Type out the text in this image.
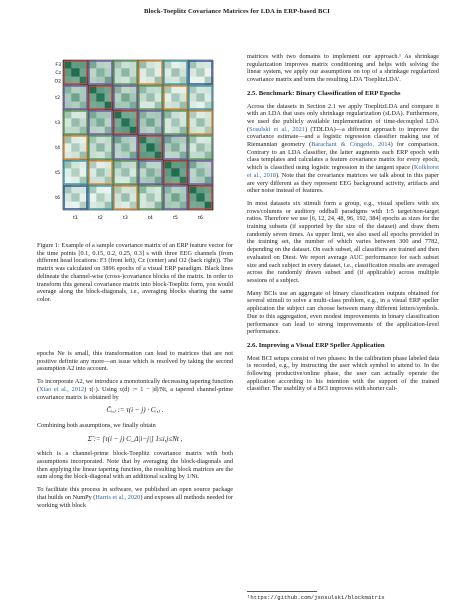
Block-Toeplitz Covariance Matrices for LDA in ERP-based BCI
F3
Cz
O2
t1
t2
t2
t3
t3
t4
t4
t5
t5
t6
t6

Figure 1: Example of a sample covariance matrix of an ERP feature vector for the time points [0.1, 0.15, 0.2, 0.25, 0.3] s with three EEG channels (from different head locations: F3 (front left), Cz (center) and O2 (back right)). The matrix was calculated on 3896 epochs of a visual ERP paradigm. Black lines delineate the channel-wise (cross-)covariance blocks of the matrix. In order to transform this general covariance matrix into block-Toeplitz form, you would average along the block-diagonals, i.e., averaging blocks sharing the same color.

epochs Ne is small, this transformation can lead to matrices that are not positive definite any more—an issue which is resolved by taking the second assumption A2 into account.

To incorporate A2, we introduce a monotonically decreasing tapering function (Xiao et al., 2012) τ(·). Using τ(d) := 1 − |d|/Nt, a tapered channel-prime covariance matrix is obtained by

C̃ᵢ,ⱼ := τ(i − j) · Cᵢ,ⱼ .

Combining both assumptions, we finally obtain

Σ̂ := [τ(i − j) C_Δ|i−j|] 1≤i,j≤Nt ,

which is a channel-prime block-Toeplitz covariance matrix with both assumptions incorporated. Note that by averaging the block-diagonals and then applying the linear tapering function, the resulting block matrices are the sum along the block-diagonal with an additional scaling by 1/Nt.

To facilitate this process in software, we published an open source package that builds on NumPy (Harris et al., 2020) and exposes all methods needed for working with block

matrices with two domains to implement our approach.¹ As shrinkage regularization improves matrix conditioning and helps with solving the linear system, we apply our assumptions on top of a shrinkage regularized covariance matrix and term the resulting LDA 'ToeplitzLDA'.

2.5. Benchmark: Binary Classification of ERP Epochs

Across the datasets in Section 2.1 we apply ToeplitzLDA and compare it with an LDA that uses only shrinkage regularization (sLDA). Furthermore, we used the publicly available implementation of time-decoupled LDA (Sosulski et al., 2021) (TDLDA)—a different approach to improve the covariance estimate—and a logistic regression classifier making use of Riemannian geometry (Barachant & Congedo, 2014) for comparison. Contrary to an LDA classifier, the latter augments each ERP epoch with class templates and calculates a feature covariance matrix for every epoch, which is classified using logistic regression in the tangent space (Kolkhorst et al., 2018). Note that the covariance matrices we talk about in this paper are very different as they represent EEG background activity, artifacts and other noise instead of features.

In most datasets six stimuli form a group, e.g., visual spellers with six rows/columns or auditory oddball paradigms with 1:5 target/non-target ratios. Therefore we use [6, 12, 24, 48, 96, 192, 384] epochs as sizes for the training subsets (if supported by the size of the dataset) and draw them randomly seven times. As upper limit, we also used all epochs provided in the training set, the number of which varies between 300 and 7782, depending on the dataset. On each subset, all classifiers are trained and then evaluated on Dtest. We report average AUC performance for each subset size and each subject in every dataset, i.e., classification results are averaged across the randomly drawn subset and (if applicable) across multiple sessions of a subject.

Many BCIs use an aggregate of binary classification outputs obtained for several stimuli to solve a multi-class problem, e.g., in a visual ERP speller application the subject can choose between many different letters/symbols. Due to this aggregation, even modest improvements in binary classification performance can lead to strong improvements of the application-level performance.

2.6. Improving a Visual ERP Speller Application

Most BCI setups consist of two phases: In the calibration phase labeled data is recorded, e.g., by instructing the user which symbol to attend to. In the following productive/online phase, the user can actually operate the application according to his intention with the support of the trained classifier. The usability of a BCI improves with shorter cali-

¹https://github.com/jsosulski/blockmatrix
